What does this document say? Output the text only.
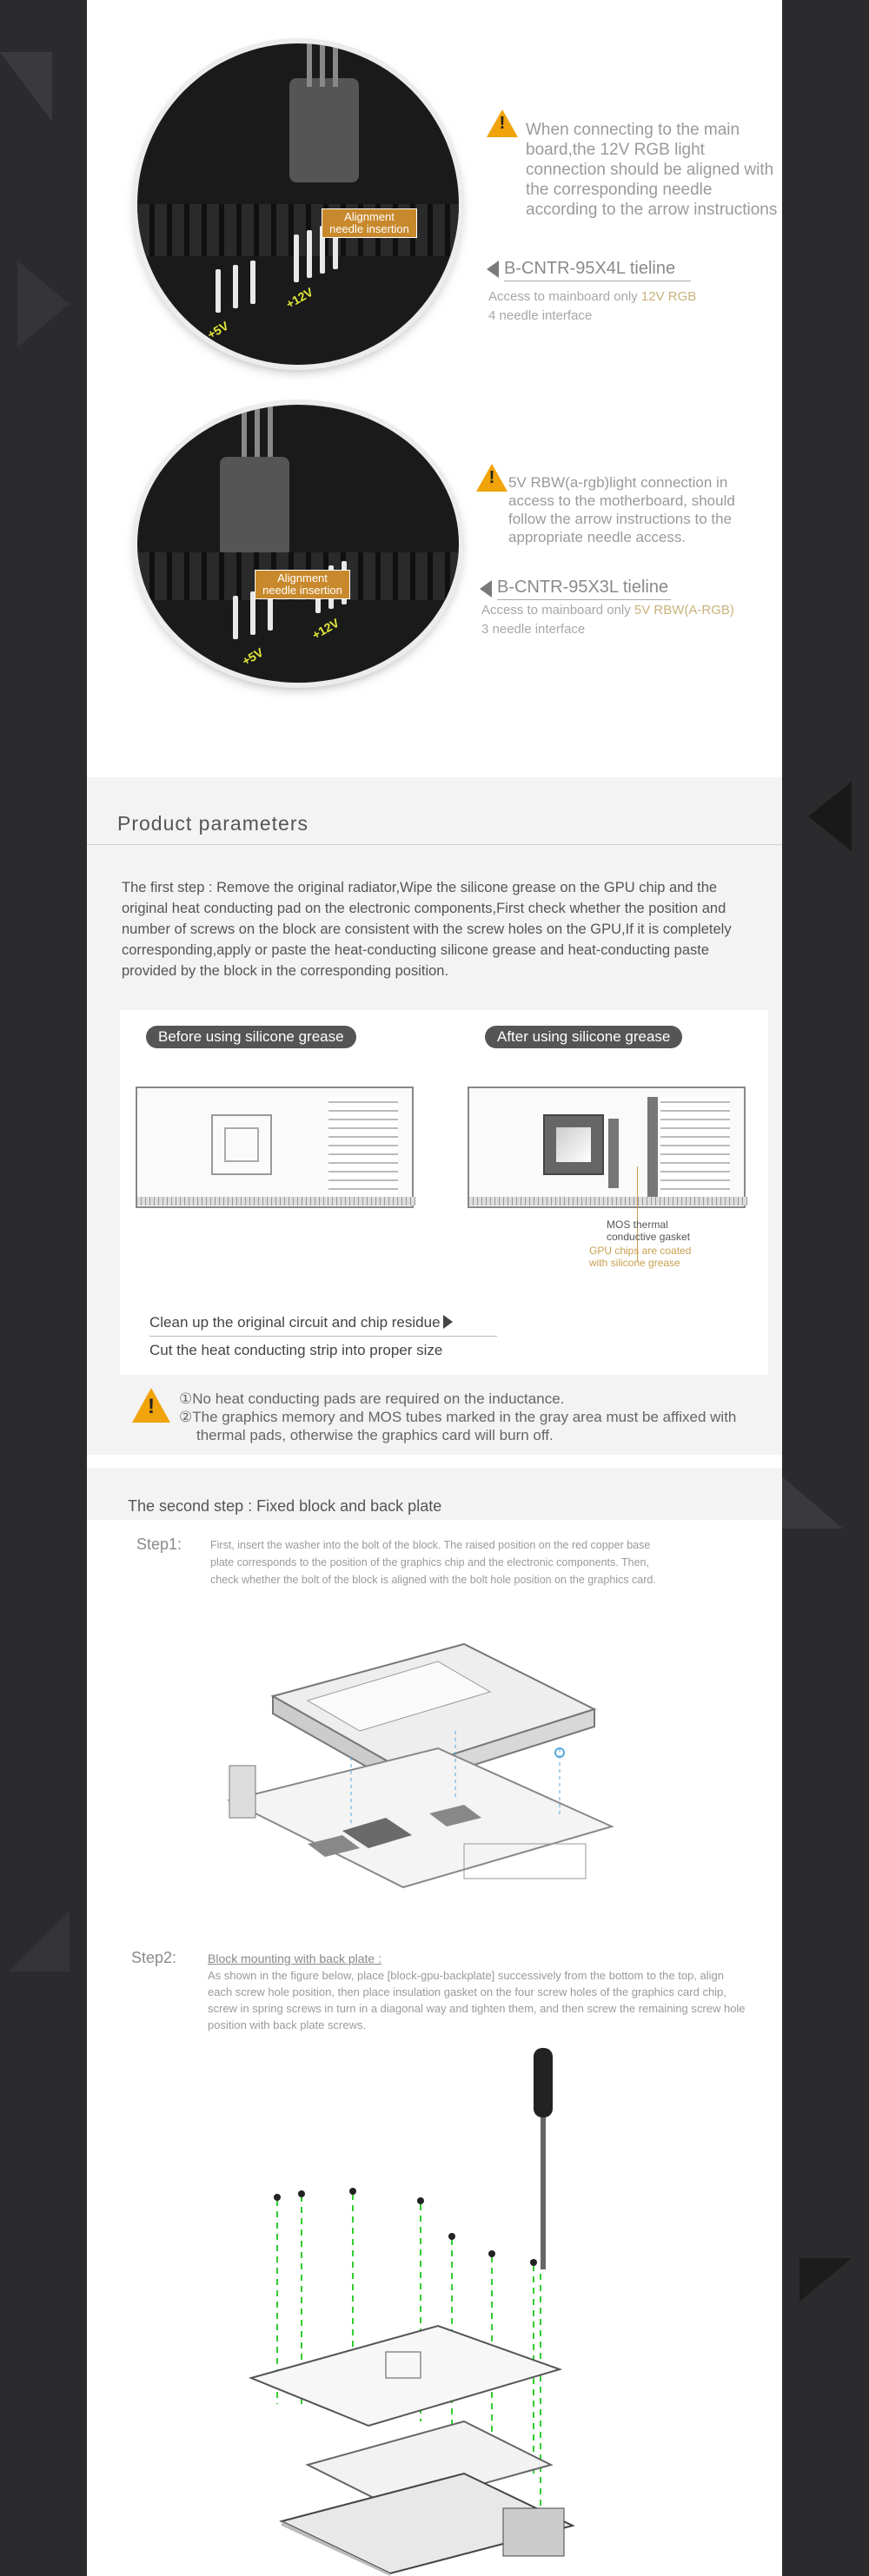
Alignment needle insertion
+5V
+12V
!	When connecting to the main board,the 12V RGB light connection should be aligned with the corresponding needle according to the arrow instructions
B-CNTR-95X4L tieline
Access to mainboard only 12V RGB
4 needle interface
Alignment needle insertion
+5V
+12V
! 5V RBW(a-rgb)light connection in access to the motherboard, should follow the arrow instructions to the appropriate needle access.
B-CNTR-95X3L tieline
Access to mainboard only 5V RBW(A-RGB)
3 needle interface
Product parameters
The first step : Remove the original radiator,Wipe the silicone grease on the GPU chip and the original heat conducting pad on the electronic components,First check whether the position and number of screws on the block are consistent with the screw holes on the GPU,If it is completely corresponding,apply or paste the heat-conducting silicone grease and heat-conducting paste provided by the block in the corresponding position.
Before using silicone grease	After using silicone grease
MOS thermal conductive gasket
GPU chips are coated with silicone grease
Clean up the original circuit and chip residue
Cut the heat conducting strip into proper size
!	①No heat conducting pads are required on the inductance.
②The graphics memory and MOS tubes marked in the gray area must be affixed with thermal pads, otherwise the graphics card will burn off.
The second step : Fixed block and back plate
Step1:	First, insert the washer into the bolt of the block. The raised position on the red copper base plate corresponds to the position of the graphics chip and the electronic components. Then, check whether the bolt of the block is aligned with the bolt hole position on the graphics card.
Step2:	Block mounting with back plate :
As shown in the figure below, place [block-gpu-backplate] successively from the bottom to the top, align each screw hole position, then place insulation gasket on the four screw holes of the graphics card chip, screw in spring screws in turn in a diagonal way and tighten them, and then screw the remaining screw hole position with back plate screws.
